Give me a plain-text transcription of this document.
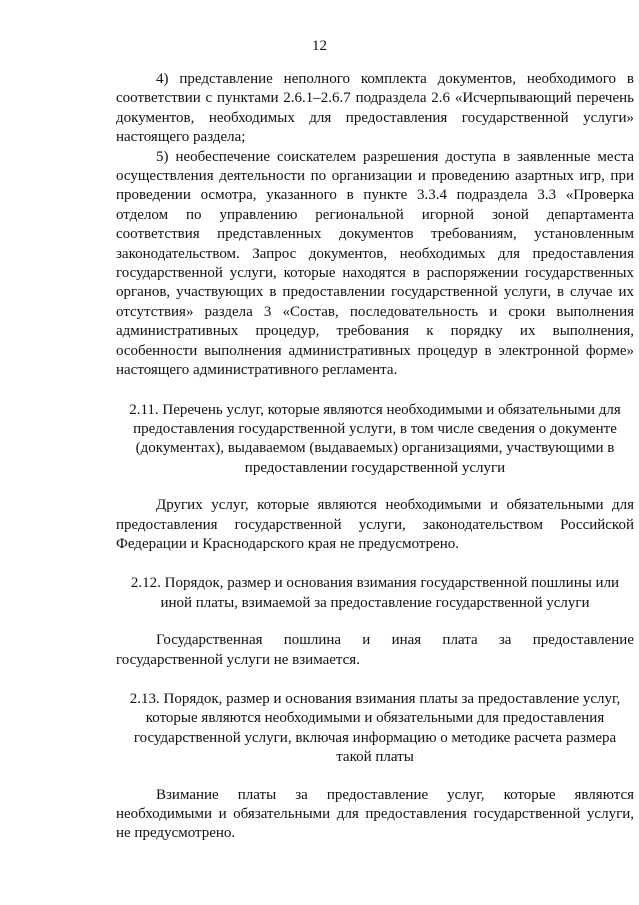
12

4) представление неполного комплекта документов, необходимого в соответствии с пунктами 2.6.1–2.6.7 подраздела 2.6 «Исчерпывающий перечень документов, необходимых для предоставления государственной услуги» настоящего раздела;

5) необеспечение соискателем разрешения доступа в заявленные места осуществления деятельности по организации и проведению азартных игр, при проведении осмотра, указанного в пункте 3.3.4 подраздела 3.3 «Проверка отделом по управлению региональной игорной зоной департамента соответствия представленных документов требованиям, установленным законодательством. Запрос документов, необходимых для предоставления государственной услуги, которые находятся в распоряжении государственных органов, участвующих в предоставлении государственной услуги, в случае их отсутствия» раздела 3 «Состав, последовательность и сроки выполнения административных процедур, требования к порядку их выполнения, особенности выполнения административных процедур в электронной форме» настоящего административного регламента.

2.11. Перечень услуг, которые являются необходимыми и обязательными для предоставления государственной услуги, в том числе сведения о документе (документах), выдаваемом (выдаваемых) организациями, участвующими в предоставлении государственной услуги

Других услуг, которые являются необходимыми и обязательными для предоставления государственной услуги, законодательством Российской Федерации и Краснодарского края не предусмотрено.

2.12. Порядок, размер и основания взимания государственной пошлины или иной платы, взимаемой за предоставление государственной услуги

Государственная пошлина и иная плата за предоставление государственной услуги не взимается.

2.13. Порядок, размер и основания взимания платы за предоставление услуг, которые являются необходимыми и обязательными для предоставления государственной услуги, включая информацию о методике расчета размера такой платы

Взимание платы за предоставление услуг, которые являются необходимыми и обязательными для предоставления государственной услуги, не предусмотрено.
